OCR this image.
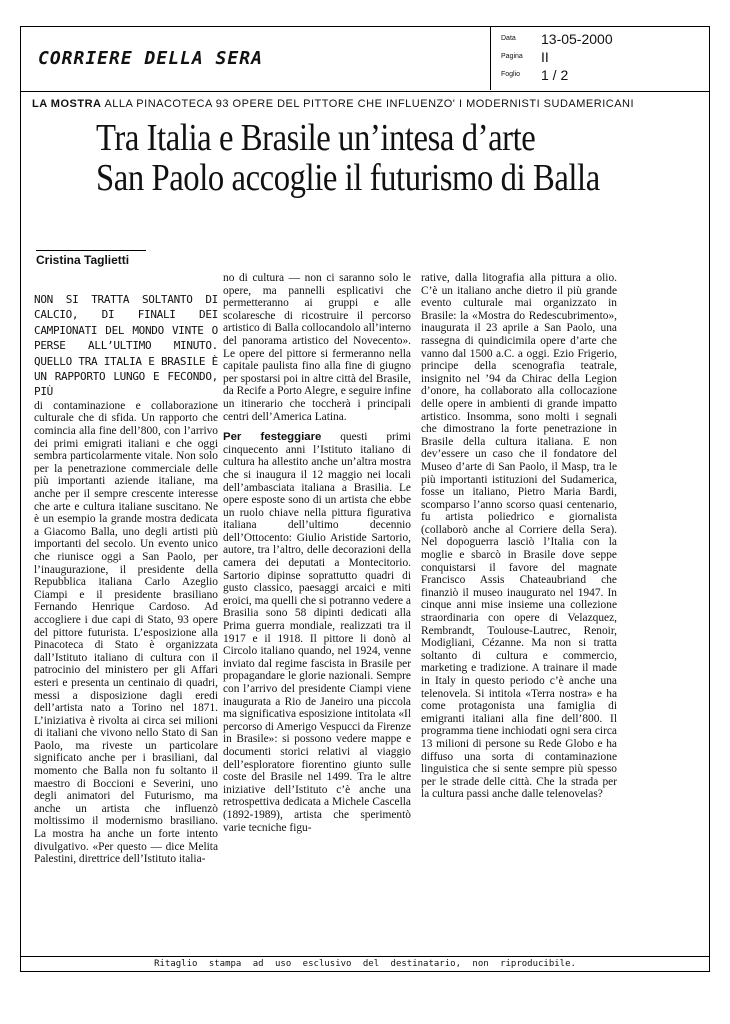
CORRIERE DELLA SERA
Data 13-05-2000
Pagina II
Foglio 1 / 2
LA MOSTRA ALLA PINACOTECA 93 OPERE DEL PITTORE CHE INFLUENZO' I MODERNISTI SUDAMERICANI
Tra Italia e Brasile un’intesa d’arte
San Paolo accoglie il futurismo di Balla
Cristina Taglietti

NON SI TRATTA SOLTANTO DI CALCIO, DI FINALI DEI CAMPIONATI DEL MONDO VINTE O PERSE ALL’ULTIMO MINUTO. QUELLO TRA ITALIA E BRASILE È UN RAPPORTO LUNGO E FECONDO, PIÙ

di contaminazione e collaborazione culturale che di sfida. Un rapporto che comincia alla fine dell’800, con l’arrivo dei primi emigrati italiani e che oggi sembra particolarmente vitale. Non solo per la penetrazione commerciale delle più importanti aziende italiane, ma anche per il sempre crescente interesse che arte e cultura italiane suscitano. Ne è un esempio la grande mostra dedicata a Giacomo Balla, uno degli artisti più importanti del secolo. Un evento unico che riunisce oggi a San Paolo, per l’inaugurazione, il presidente della Repubblica italiana Carlo Azeglio Ciampi e il presidente brasiliano Fernando Henrique Cardoso. Ad accogliere i due capi di Stato, 93 opere del pittore futurista. L’esposizione alla Pinacoteca di Stato è organizzata dall’Istituto italiano di cultura con il patrocinio del ministero per gli Affari esteri e presenta un centinaio di quadri, messi a disposizione dagli eredi dell’artista nato a Torino nel 1871. L’iniziativa è rivolta ai circa sei milioni di italiani che vivono nello Stato di San Paolo, ma riveste un particolare significato anche per i brasiliani, dal momento che Balla non fu soltanto il maestro di Boccioni e Severini, uno degli animatori del Futurismo, ma anche un artista che influenzò moltissimo il modernismo brasiliano. La mostra ha anche un forte intento divulgativo. «Per questo — dice Melita Palestini, direttrice dell’Istituto italia-

no di cultura — non ci saranno solo le opere, ma pannelli esplicativi che permetteranno ai gruppi e alle scolaresche di ricostruire il percorso artistico di Balla collocandolo all’interno del panorama artistico del Novecento». Le opere del pittore si fermeranno nella capitale paulista fino alla fine di giugno per spostarsi poi in altre città del Brasile, da Recife a Porto Alegre, e seguire infine un itinerario che toccherà i principali centri dell’America Latina.

Per festeggiare questi primi cinquecento anni l’Istituto italiano di cultura ha allestito anche un’altra mostra che si inaugura il 12 maggio nei locali dell’ambasciata italiana a Brasilia. Le opere esposte sono di un artista che ebbe un ruolo chiave nella pittura figurativa italiana dell’ultimo decennio dell’Ottocento: Giulio Aristide Sartorio, autore, tra l’altro, delle decorazioni della camera dei deputati a Montecitorio. Sartorio dipinse soprattutto quadri di gusto classico, paesaggi arcaici e miti eroici, ma quelli che si potranno vedere a Brasilia sono 58 dipinti dedicati alla Prima guerra mondiale, realizzati tra il 1917 e il 1918. Il pittore li donò al Circolo italiano quando, nel 1924, venne inviato dal regime fascista in Brasile per propagandare le glorie nazionali. Sempre con l’arrivo del presidente Ciampi viene inaugurata a Rio de Janeiro una piccola ma significativa esposizione intitolata «Il percorso di Amerigo Vespucci da Firenze in Brasile»: si possono vedere mappe e documenti storici relativi al viaggio dell’esploratore fiorentino giunto sulle coste del Brasile nel 1499. Tra le altre iniziative dell’Istituto c’è anche una retrospettiva dedicata a Michele Cascella (1892-1989), artista che sperimentò varie tecniche figu-

rative, dalla litografia alla pittura a olio. C’è un italiano anche dietro il più grande evento culturale mai organizzato in Brasile: la «Mostra do Redescubrimento», inaugurata il 23 aprile a San Paolo, una rassegna di quindicimila opere d’arte che vanno dal 1500 a.C. a oggi. Ezio Frigerio, principe della scenografia teatrale, insignito nel ’94 da Chirac della Legion d’onore, ha collaborato alla collocazione delle opere in ambienti di grande impatto artistico. Insomma, sono molti i segnali che dimostrano la forte penetrazione in Brasile della cultura italiana. E non dev’essere un caso che il fondatore del Museo d’arte di San Paolo, il Masp, tra le più importanti istituzioni del Sudamerica, fosse un italiano, Pietro Maria Bardi, scomparso l’anno scorso quasi centenario, fu artista poliedrico e giornalista (collaborò anche al Corriere della Sera). Nel dopoguerra lasciò l’Italia con la moglie e sbarcò in Brasile dove seppe conquistarsi il favore del magnate Francisco Assis Chateaubriand che finanziò il museo inaugurato nel 1947. In cinque anni mise insieme una collezione straordinaria con opere di Velazquez, Rembrandt, Toulouse-Lautrec, Renoir, Modigliani, Cézanne. Ma non si tratta soltanto di cultura e commercio, marketing e tradizione. A trainare il made in Italy in questo periodo c’è anche una telenovela. Si intitola «Terra nostra» e ha come protagonista una famiglia di emigranti italiani alla fine dell’800. Il programma tiene inchiodati ogni sera circa 13 milioni di persone su Rede Globo e ha diffuso una sorta di contaminazione linguistica che si sente sempre più spesso per le strade delle città. Che la strada per la cultura passi anche dalle telenovelas?

Ritaglio stampa ad uso esclusivo del destinatario, non riproducibile.
